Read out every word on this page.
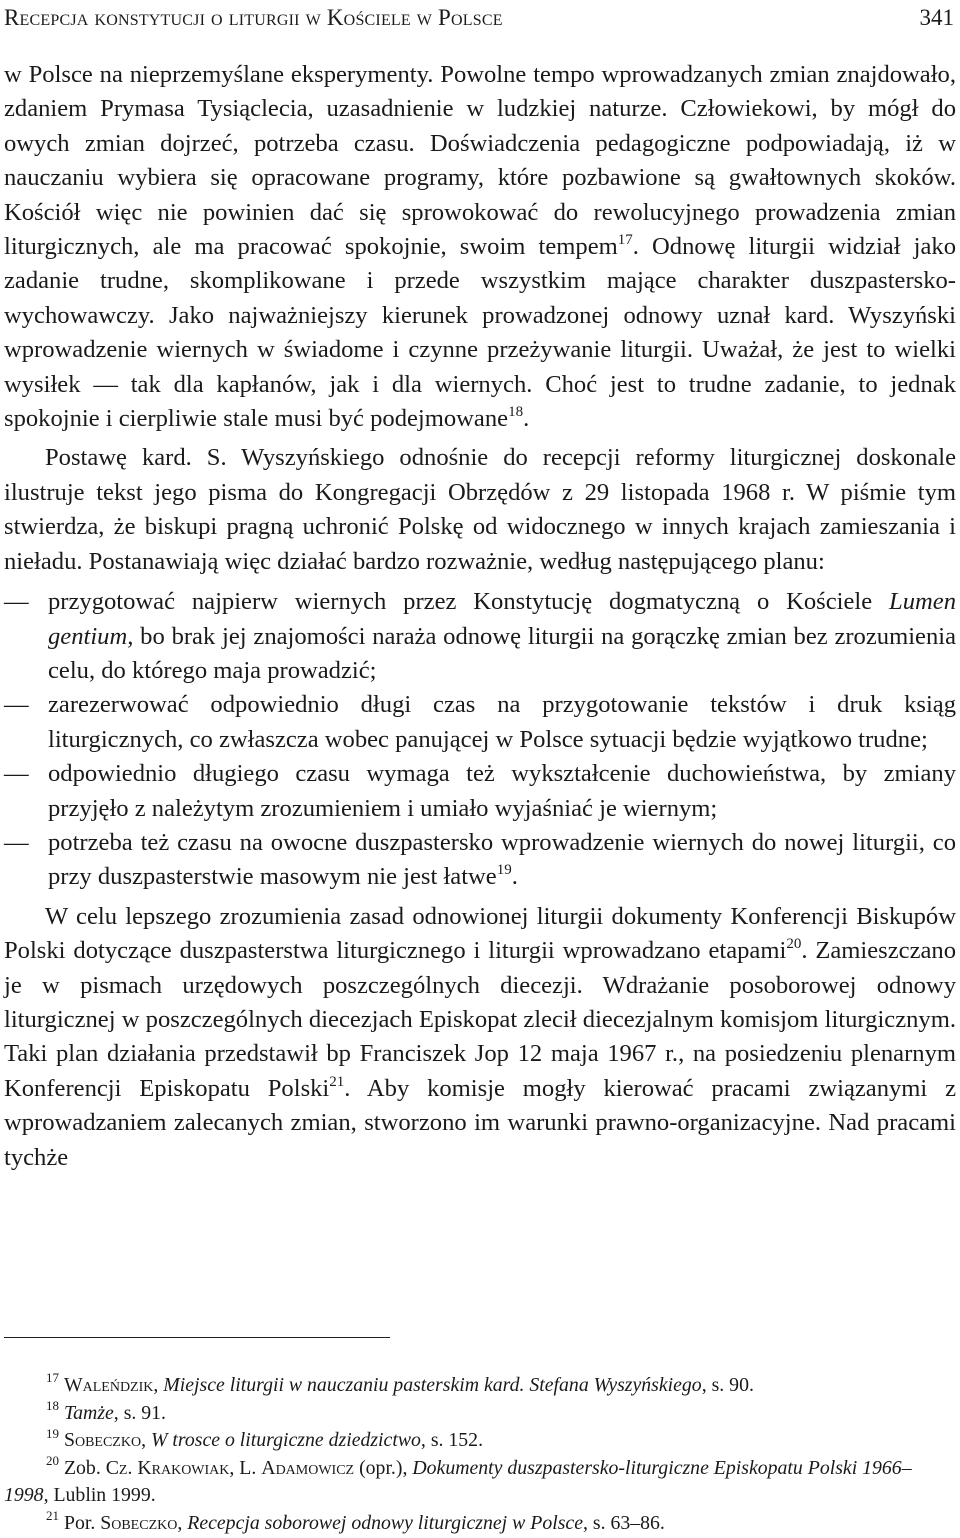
Recepcja konstytucji o liturgii w Kościele w Polsce	341

w Polsce na nieprzemyślane eksperymenty. Powolne tempo wprowadzanych zmian znajdowało, zdaniem Prymasa Tysiąclecia, uzasadnienie w ludzkiej naturze. Człowiekowi, by mógł do owych zmian dojrzeć, potrzeba czasu. Doświadczenia pedagogiczne podpowiadają, iż w nauczaniu wybiera się opracowane programy, które pozbawione są gwałtownych skoków. Kościół więc nie powinien dać się sprowokować do rewolucyjnego prowadzenia zmian liturgicznych, ale ma pracować spokojnie, swoim tempem$^{17}$. Odnowę liturgii widział jako zadanie trudne, skomplikowane i przede wszystkim mające charakter duszpastersko-wychowawczy. Jako najważniejszy kierunek prowadzonej odnowy uznał kard. Wyszyński wprowadzenie wiernych w świadome i czynne przeżywanie liturgii. Uważał, że jest to wielki wysiłek — tak dla kapłanów, jak i dla wiernych. Choć jest to trudne zadanie, to jednak spokojnie i cierpliwie stale musi być podejmowane$^{18}$.

Postawę kard. S. Wyszyńskiego odnośnie do recepcji reformy liturgicznej doskonale ilustruje tekst jego pisma do Kongregacji Obrzędów z 29 listopada 1968 r. W piśmie tym stwierdza, że biskupi pragną uchronić Polskę od widocznego w innych krajach zamieszania i nieładu. Postanawiają więc działać bardzo rozważnie, według następującego planu:

— przygotować najpierw wiernych przez Konstytucję dogmatyczną o Kościele Lumen gentium, bo brak jej znajomości naraża odnowę liturgii na gorączkę zmian bez zrozumienia celu, do którego maja prowadzić;
— zarezerwować odpowiednio długi czas na przygotowanie tekstów i druk ksiąg liturgicznych, co zwłaszcza wobec panującej w Polsce sytuacji będzie wyjątkowo trudne;
— odpowiednio długiego czasu wymaga też wykształcenie duchowieństwa, by zmiany przyjęło z należytym zrozumieniem i umiało wyjaśniać je wiernym;
— potrzeba też czasu na owocne duszpastersko wprowadzenie wiernych do nowej liturgii, co przy duszpasterstwie masowym nie jest łatwe$^{19}$.

W celu lepszego zrozumienia zasad odnowionej liturgii dokumenty Konferencji Biskupów Polski dotyczące duszpasterstwa liturgicznego i liturgii wprowadzano etapami$^{20}$. Zamieszczano je w pismach urzędowych poszczególnych diecezji. Wdrażanie posoborowej odnowy liturgicznej w poszczególnych diecezjach Episkopat zlecił diecezjalnym komisjom liturgicznym. Taki plan działania przedstawił bp Franciszek Jop 12 maja 1967 r., na posiedzeniu plenarnym Konferencji Episkopatu Polski$^{21}$. Aby komisje mogły kierować pracami związanymi z wprowadzaniem zalecanych zmian, stworzono im warunki prawno-organizacyjne. Nad pracami tychże

$^{17}$ Waleńdzik, Miejsce liturgii w nauczaniu pasterskim kard. Stefana Wyszyńskiego, s. 90.

$^{18}$ Tamże, s. 91.

$^{19}$ Sobeczko, W trosce o liturgiczne dziedzictwo, s. 152.

$^{20}$ Zob. Cz. Krakowiak, L. Adamowicz (opr.), Dokumenty duszpastersko-liturgiczne Episkopatu Polski 1966–1998, Lublin 1999.

$^{21}$ Por. Sobeczko, Recepcja soborowej odnowy liturgicznej w Polsce, s. 63–86.
